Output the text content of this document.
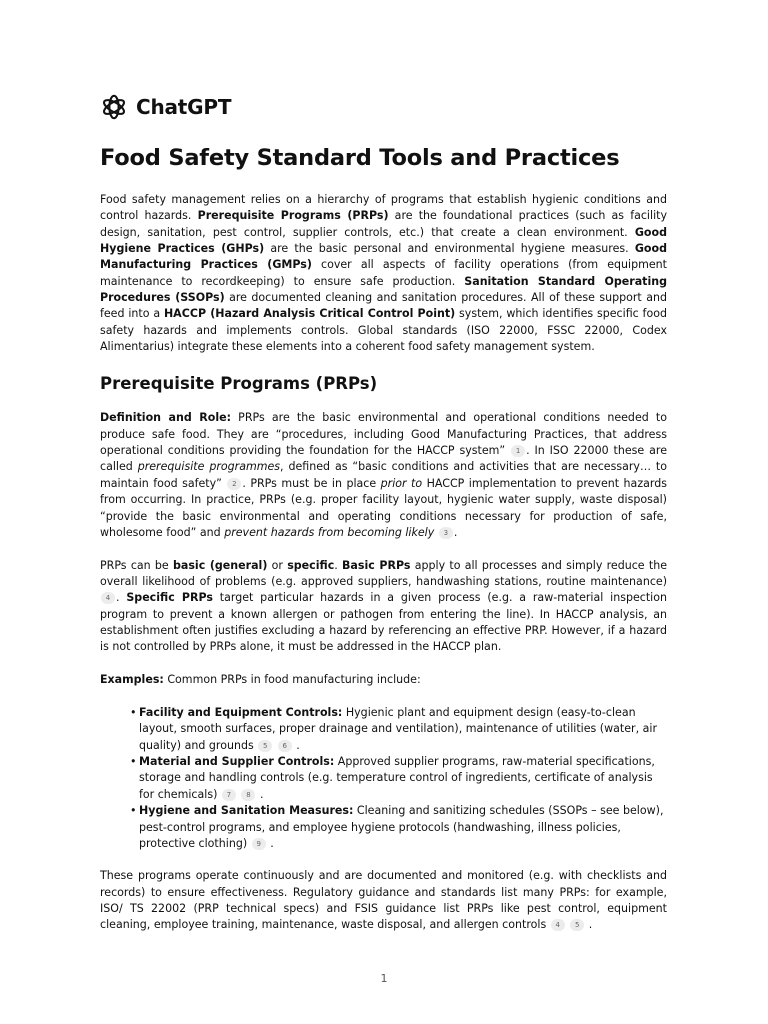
ChatGPT
Food Safety Standard Tools and Practices

Food safety management relies on a hierarchy of programs that establish hygienic conditions and control hazards. Prerequisite Programs (PRPs) are the foundational practices (such as facility design, sanitation, pest control, supplier controls, etc.) that create a clean environment. Good Hygiene Practices (GHPs) are the basic personal and environmental hygiene measures. Good Manufacturing Practices (GMPs) cover all aspects of facility operations (from equipment maintenance to recordkeeping) to ensure safe production. Sanitation Standard Operating Procedures (SSOPs) are documented cleaning and sanitation procedures. All of these support and feed into a HACCP (Hazard Analysis Critical Control Point) system, which identifies specific food safety hazards and implements controls. Global standards (ISO 22000, FSSC 22000, Codex Alimentarius) integrate these elements into a coherent food safety management system.

Prerequisite Programs (PRPs)

Definition and Role: PRPs are the basic environmental and operational conditions needed to produce safe food. They are “procedures, including Good Manufacturing Practices, that address operational conditions providing the foundation for the HACCP system” 1 . In ISO 22000 these are called prerequisite programmes, defined as “basic conditions and activities that are necessary… to maintain food safety” 2 . PRPs must be in place prior to HACCP implementation to prevent hazards from occurring. In practice, PRPs (e.g. proper facility layout, hygienic water supply, waste disposal) “provide the basic environmental and operating conditions necessary for production of safe, wholesome food” and prevent hazards from becoming likely 3 .

PRPs can be basic (general) or specific. Basic PRPs apply to all processes and simply reduce the overall likelihood of problems (e.g. approved suppliers, handwashing stations, routine maintenance) 4 . Specific PRPs target particular hazards in a given process (e.g. a raw-material inspection program to prevent a known allergen or pathogen from entering the line). In HACCP analysis, an establishment often justifies excluding a hazard by referencing an effective PRP. However, if a hazard is not controlled by PRPs alone, it must be addressed in the HACCP plan.

Examples: Common PRPs in food manufacturing include:

• Facility and Equipment Controls: Hygienic plant and equipment design (easy-to-clean layout, smooth surfaces, proper drainage and ventilation), maintenance of utilities (water, air quality) and grounds 5 6 .
• Material and Supplier Controls: Approved supplier programs, raw-material specifications, storage and handling controls (e.g. temperature control of ingredients, certificate of analysis for chemicals) 7 8 .
• Hygiene and Sanitation Measures: Cleaning and sanitizing schedules (SSOPs – see below), pest-control programs, and employee hygiene protocols (handwashing, illness policies, protective clothing) 9 .

These programs operate continuously and are documented and monitored (e.g. with checklists and records) to ensure effectiveness. Regulatory guidance and standards list many PRPs: for example, ISO/ TS 22002 (PRP technical specs) and FSIS guidance list PRPs like pest control, equipment cleaning, employee training, maintenance, waste disposal, and allergen controls 4 5 .

1
